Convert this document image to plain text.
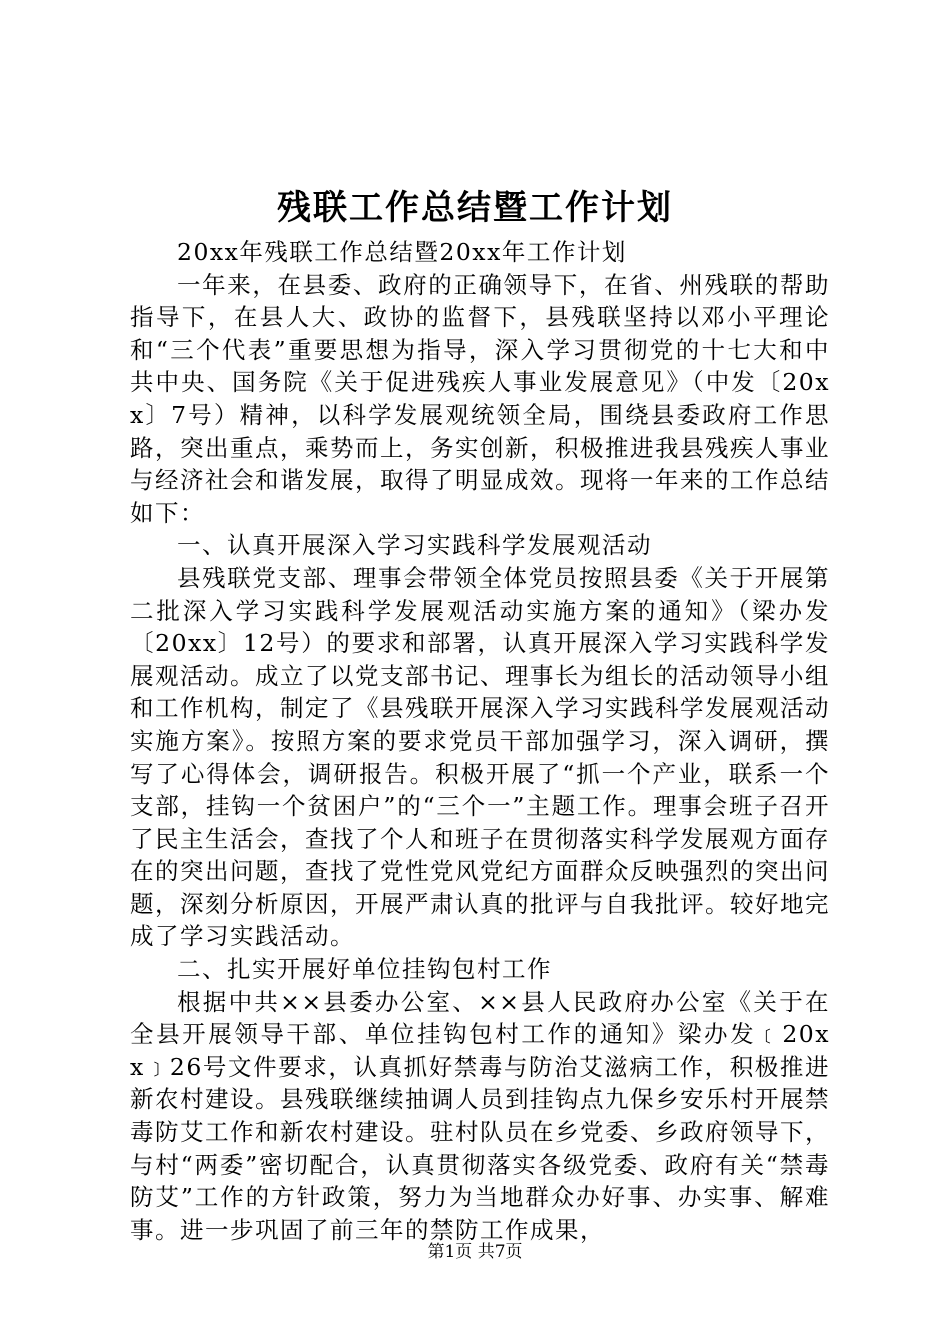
残联工作总结暨工作计划

20xx年残联工作总结暨20xx年工作计划

一年来，在县委、政府的正确领导下，在省、州残联的帮助指导下，在县人大、政协的监督下，县残联坚持以邓小平理论和“三个代表”重要思想为指导，深入学习贯彻党的十七大和中共中央、国务院《关于促进残疾人事业发展意见》（中发〔20xx〕7号）精神，以科学发展观统领全局，围绕县委政府工作思路，突出重点，乘势而上，务实创新，积极推进我县残疾人事业与经济社会和谐发展，取得了明显成效。现将一年来的工作总结如下：

一、认真开展深入学习实践科学发展观活动

县残联党支部、理事会带领全体党员按照县委《关于开展第二批深入学习实践科学发展观活动实施方案的通知》（梁办发〔20xx〕12号）的要求和部署，认真开展深入学习实践科学发展观活动。成立了以党支部书记、理事长为组长的活动领导小组和工作机构，制定了《县残联开展深入学习实践科学发展观活动实施方案》。按照方案的要求党员干部加强学习，深入调研，撰写了心得体会，调研报告。积极开展了“抓一个产业，联系一个支部，挂钩一个贫困户”的“三个一”主题工作。理事会班子召开了民主生活会，查找了个人和班子在贯彻落实科学发展观方面存在的突出问题，查找了党性党风党纪方面群众反映强烈的突出问题，深刻分析原因，开展严肃认真的批评与自我批评。较好地完成了学习实践活动。

二、扎实开展好单位挂钩包村工作

根据中共××县委办公室、××县人民政府办公室《关于在全县开展领导干部、单位挂钩包村工作的通知》梁办发﹝20xx﹞26号文件要求，认真抓好禁毒与防治艾滋病工作，积极推进新农村建设。县残联继续抽调人员到挂钩点九保乡安乐村开展禁毒防艾工作和新农村建设。驻村队员在乡党委、乡政府领导下，与村“两委”密切配合，认真贯彻落实各级党委、政府有关“禁毒防艾”工作的方针政策，努力为当地群众办好事、办实事、解难事。进一步巩固了前三年的禁防工作成果，

第1页 共7页
